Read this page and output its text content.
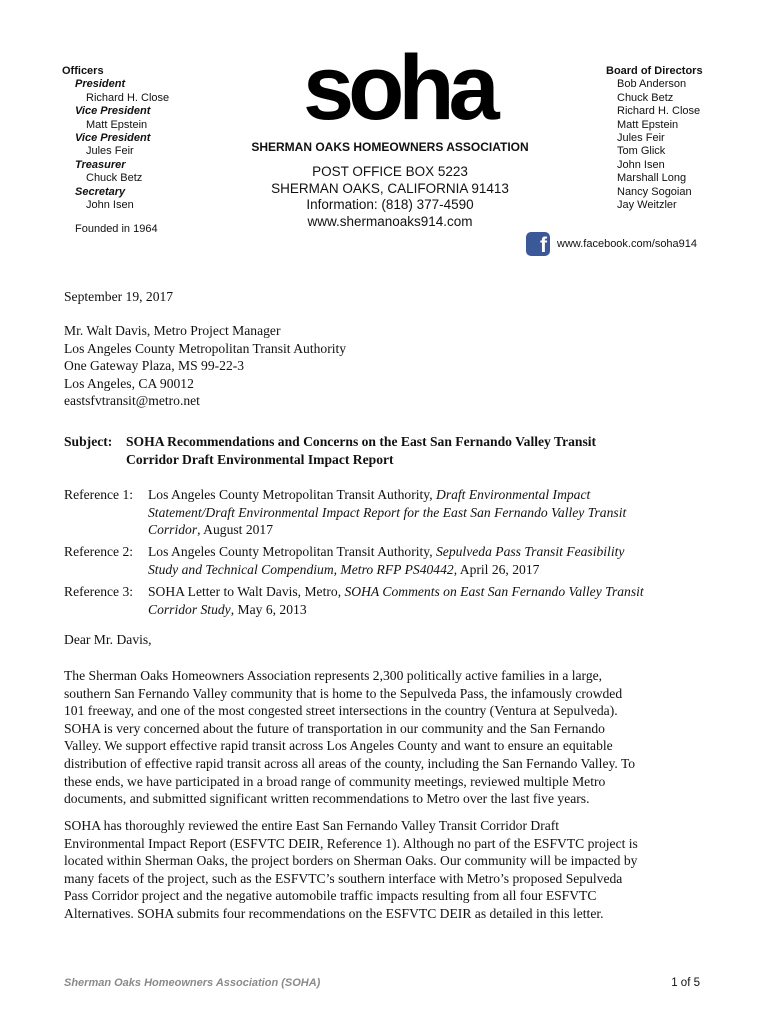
Officers
President
Richard H. Close
Vice President
Matt Epstein
Vice President
Jules Feir
Treasurer
Chuck Betz
Secretary
John Isen
Founded in 1964
soha
SHERMAN OAKS HOMEOWNERS ASSOCIATION
POST OFFICE BOX 5223
SHERMAN OAKS, CALIFORNIA 91413
Information: (818) 377-4590
www.shermanoaks914.com
Board of Directors
Bob Anderson
Chuck Betz
Richard H. Close
Matt Epstein
Jules Feir
Tom Glick
John Isen
Marshall Long
Nancy Sogoian
Jay Weitzler
f www.facebook.com/soha914
September 19, 2017
Mr. Walt Davis, Metro Project Manager
Los Angeles County Metropolitan Transit Authority
One Gateway Plaza, MS 99-22-3
Los Angeles, CA 90012
eastsfvtransit@metro.net
Subject: SOHA Recommendations and Concerns on the East San Fernando Valley Transit
Corridor Draft Environmental Impact Report
Reference 1: Los Angeles County Metropolitan Transit Authority, Draft Environmental Impact
Statement/Draft Environmental Impact Report for the East San Fernando Valley Transit
Corridor, August 2017
Reference 2: Los Angeles County Metropolitan Transit Authority, Sepulveda Pass Transit Feasibility
Study and Technical Compendium, Metro RFP PS40442, April 26, 2017
Reference 3: SOHA Letter to Walt Davis, Metro, SOHA Comments on East San Fernando Valley Transit
Corridor Study, May 6, 2013
Dear Mr. Davis,
The Sherman Oaks Homeowners Association represents 2,300 politically active families in a large,
southern San Fernando Valley community that is home to the Sepulveda Pass, the infamously crowded
101 freeway, and one of the most congested street intersections in the country (Ventura at Sepulveda).
SOHA is very concerned about the future of transportation in our community and the San Fernando
Valley. We support effective rapid transit across Los Angeles County and want to ensure an equitable
distribution of effective rapid transit across all areas of the county, including the San Fernando Valley. To
these ends, we have participated in a broad range of community meetings, reviewed multiple Metro
documents, and submitted significant written recommendations to Metro over the last five years.
SOHA has thoroughly reviewed the entire East San Fernando Valley Transit Corridor Draft
Environmental Impact Report (ESFVTC DEIR, Reference 1). Although no part of the ESFVTC project is
located within Sherman Oaks, the project borders on Sherman Oaks. Our community will be impacted by
many facets of the project, such as the ESFVTC’s southern interface with Metro’s proposed Sepulveda
Pass Corridor project and the negative automobile traffic impacts resulting from all four ESFVTC
Alternatives. SOHA submits four recommendations on the ESFVTC DEIR as detailed in this letter.
Sherman Oaks Homeowners Association (SOHA)	1 of 5
